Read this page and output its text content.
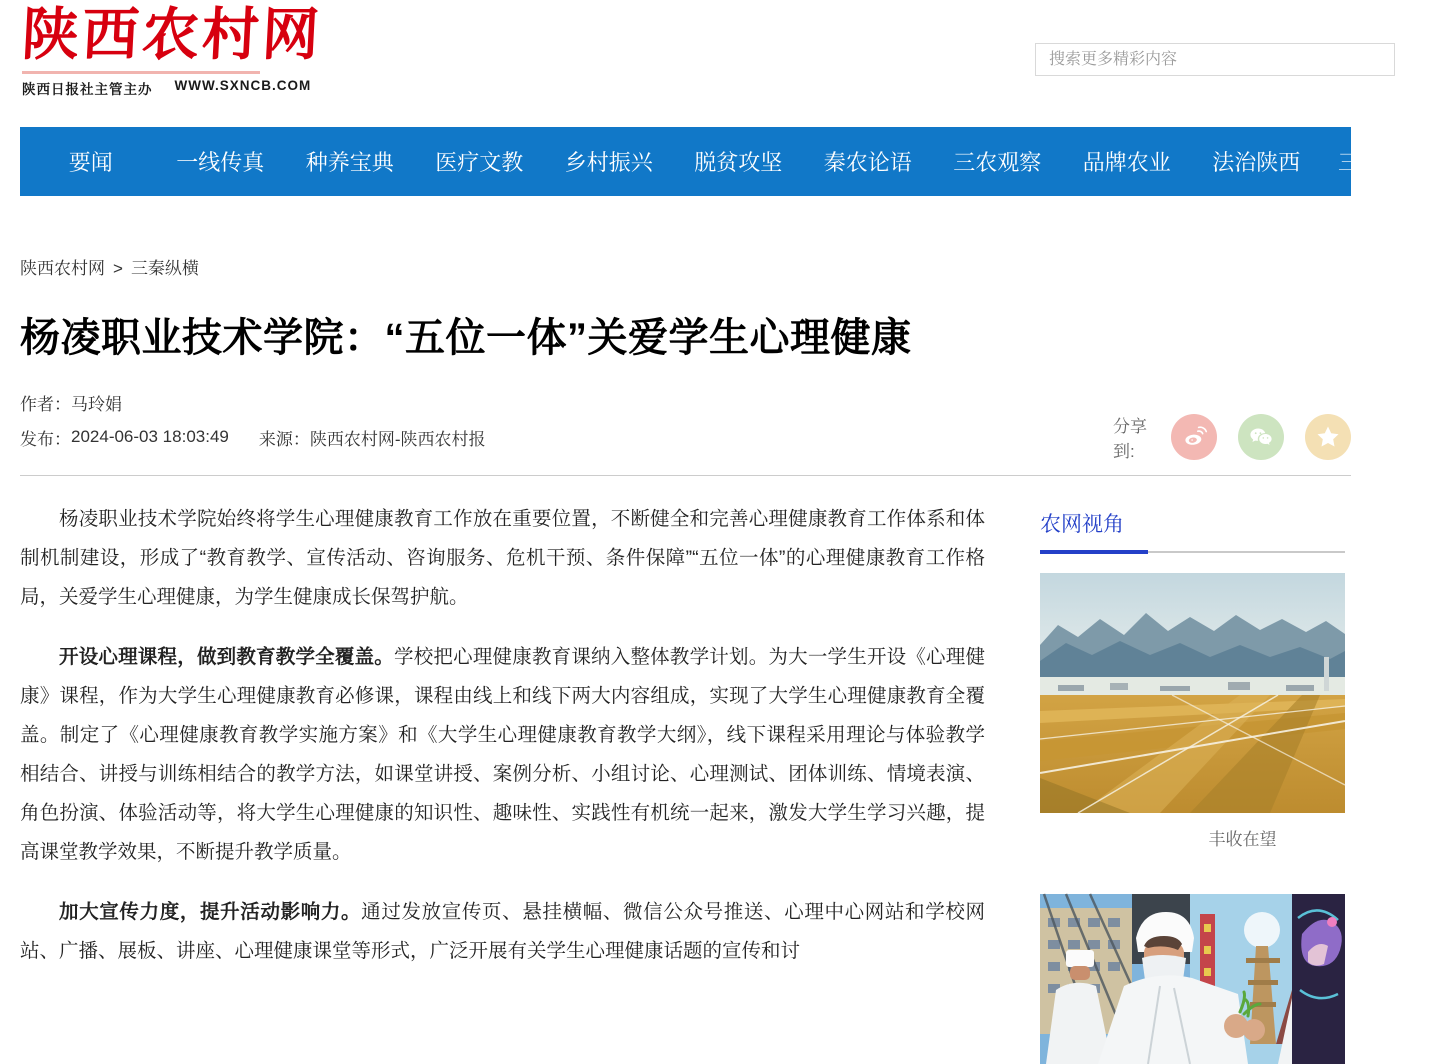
陕西农村网
陕西日报社主管主办 WWW.SXNCB.COM
搜索更多精彩内容
要闻	一线传真	种养宝典	医疗文教	乡村振兴	脱贫攻坚	秦农论语	三农观察	品牌农业	法治陕西	三
陕西农村网 > 三秦纵横
杨凌职业技术学院：“五位一体”关爱学生心理健康
作者：马玲娟
发布： 2024-06-03 18:03:49 来源： 陕西农村网-陕西农村报
分享到:

杨凌职业技术学院始终将学生心理健康教育工作放在重要位置，不断健全和完善心理健康教育工作体系和体制机制建设，形成了“教育教学、宣传活动、咨询服务、危机干预、条件保障”“五位一体”的心理健康教育工作格局，关爱学生心理健康，为学生健康成长保驾护航。

开设心理课程，做到教育教学全覆盖。学校把心理健康教育课纳入整体教学计划。为大一学生开设《心理健康》课程，作为大学生心理健康教育必修课，课程由线上和线下两大内容组成，实现了大学生心理健康教育全覆盖。制定了《心理健康教育教学实施方案》和《大学生心理健康教育教学大纲》，线下课程采用理论与体验教学相结合、讲授与训练相结合的教学方法，如课堂讲授、案例分析、小组讨论、心理测试、团体训练、情境表演、角色扮演、体验活动等，将大学生心理健康的知识性、趣味性、实践性有机统一起来，激发大学生学习兴趣，提高课堂教学效果，不断提升教学质量。

加大宣传力度，提升活动影响力。通过发放宣传页、悬挂横幅、微信公众号推送、心理中心网站和学校网站、广播、展板、讲座、心理健康课堂等形式，广泛开展有关学生心理健康话题的宣传和讨

农网视角
丰收在望
